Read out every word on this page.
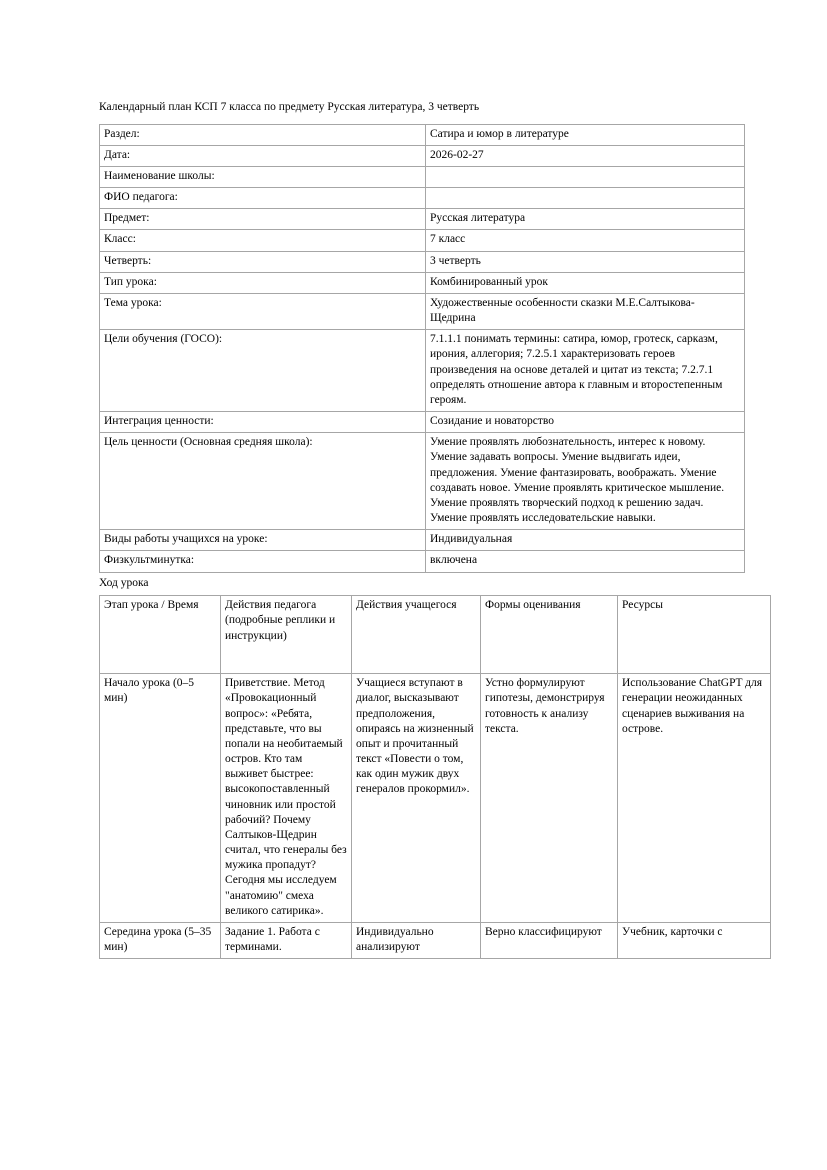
Календарный план КСП 7 класса по предмету Русская литература, 3 четверть
Раздел:	Сатира и юмор в литературе
Дата:	2026-02-27
Наименование школы:	
ФИО педагога:	
Предмет:	Русская литература
Класс:	7 класс
Четверть:	3 четверть
Тип урока:	Комбинированный урок
Тема урока:	Художественные особенности сказки М.Е.Салтыкова-Щедрина
Цели обучения (ГОСО):	7.1.1.1 понимать термины: сатира, юмор, гротеск, сарказм, ирония, аллегория; 7.2.5.1 характеризовать героев произведения на основе деталей и цитат из текста; 7.2.7.1 определять отношение автора к главным и второстепенным героям.
Интеграция ценности:	Созидание и новаторство
Цель ценности (Основная средняя школа):	Умение проявлять любознательность, интерес к новому. Умение задавать вопросы. Умение выдвигать идеи, предложения. Умение фантазировать, воображать. Умение создавать новое. Умение проявлять критическое мышление. Умение проявлять творческий подход к решению задач. Умение проявлять исследовательские навыки.
Виды работы учащихся на уроке:	Индивидуальная
Физкультминутка:	включена
Ход урока
Этап урока / Время	Действия педагога (подробные реплики и инструкции)	Действия учащегося	Формы оценивания	Ресурсы
Начало урока (0–5 мин)	Приветствие. Метод «Провокационный вопрос»: «Ребята, представьте, что вы попали на необитаемый остров. Кто там выживет быстрее: высокопоставленный чиновник или простой рабочий? Почему Салтыков-Щедрин считал, что генералы без мужика пропадут? Сегодня мы исследуем "анатомию" смеха великого сатирика».	Учащиеся вступают в диалог, высказывают предположения, опираясь на жизненный опыт и прочитанный текст «Повести о том, как один мужик двух генералов прокормил».	Устно формулируют гипотезы, демонстрируя готовность к анализу текста.	Использование ChatGPT для генерации неожиданных сценариев выживания на острове.
Середина урока (5–35 мин)	Задание 1. Работа с терминами.	Индивидуально анализируют	Верно классифицируют	Учебник, карточки с
